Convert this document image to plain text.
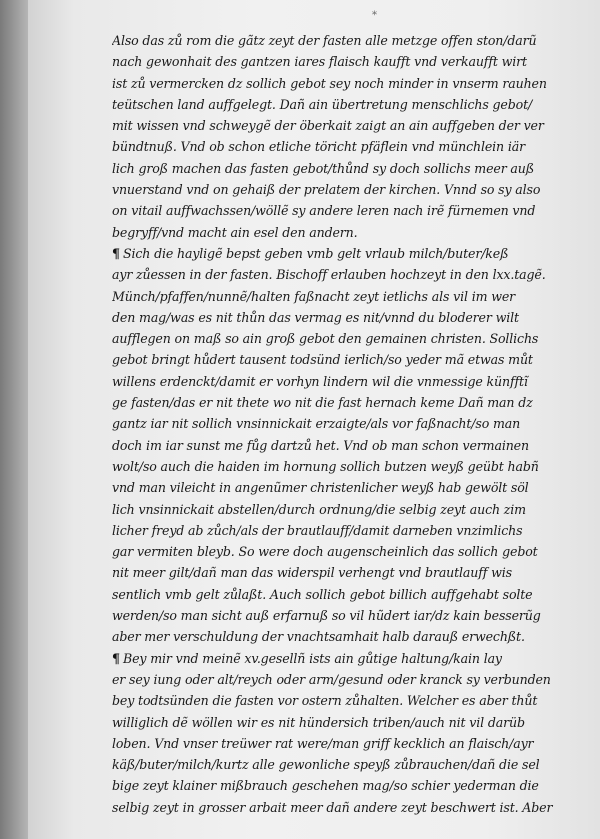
*
Also das zů rom die gãtz zeyt der fasten alle metzge offen ston/darũ
nach gewonhait des gantzen iares flaisch kaufft vnd verkaufft wirt
ist zů vermercken dz sollich gebot sey noch minder in vnserm rauhen
teütschen land auffgelegt. Dañ ain übertretung menschlichs gebot/
mit wissen vnd schweygẽ der öberkait zaigt an ain auffgeben der ver
bündtnuß. Vnd ob schon etliche töricht pfäflein vnd münchlein iär
lich groß machen das fasten gebot/thůnd sy doch sollichs meer auß
vnuerstand vnd on gehaiß der prelatem der kirchen. Vnnd so sy also
on vitail auffwachssen/wöllẽ sy andere leren nach irẽ fürnemen vnd
begryff/vnd macht ain esel den andern.
¶ Sich die hayligẽ bepst geben vmb gelt vrlaub milch/buter/keß
ayr zůessen in der fasten. Bischoff erlauben hochzeyt in den lxx.tagẽ.
Münch/pfaffen/nunnẽ/halten faßnacht zeyt ietlichs als vil im wer
den mag/was es nit thůn das vermag es nit/vnnd du bloderer wilt
aufflegen on maß so ain groß gebot den gemainen christen. Sollichs
gebot bringt hůdert tausent todsünd ierlich/so yeder mã etwas můt
willens erdenckt/damit er vorhyn lindern wil die vnmessige künfftĩ
ge fasten/das er nit thete wo nit die fast hernach keme Dañ man dz
gantz iar nit sollich vnsinnickait erzaigte/als vor faßnacht/so man
doch im iar sunst me fůg dartzů het. Vnd ob man schon vermainen
wolt/so auch die haiden im hornung sollich butzen weyß geübt habñ
vnd man vileicht in angenũmer christenlicher weyß hab gewölt söl
lich vnsinnickait abstellen/durch ordnung/die selbig zeyt auch zim
licher freyd ab zůch/als der brautlauff/damit darneben vnzimlichs
gar vermiten bleyb. So were doch augenscheinlich das sollich gebot
nit meer gilt/dañ man das widerspil verhengt vnd brautlauff wis
sentlich vmb gelt zůlaßt. Auch sollich gebot billich auffgehabt solte
werden/so man sicht auß erfarnuß so vil hũdert iar/dz kain besserũg
aber mer verschuldung der vnachtsamhait halb darauß erwechßt.
¶ Bey mir vnd meinẽ xv.gesellñ ists ain gůtige haltung/kain lay
er sey iung oder alt/reych oder arm/gesund oder kranck sy verbunden
bey todtsünden die fasten vor ostern zůhalten. Welcher es aber thůt
williglich dẽ wöllen wir es nit hündersich triben/auch nit vil darüb
loben. Vnd vnser treüwer rat were/man griff kecklich an flaisch/ayr
käß/buter/milch/kurtz alle gewonliche speyß zůbrauchen/dañ die sel
bige zeyt klainer mißbrauch geschehen mag/so schier yederman die
selbig zeyt in grosser arbait meer dañ andere zeyt beschwert ist. Aber
